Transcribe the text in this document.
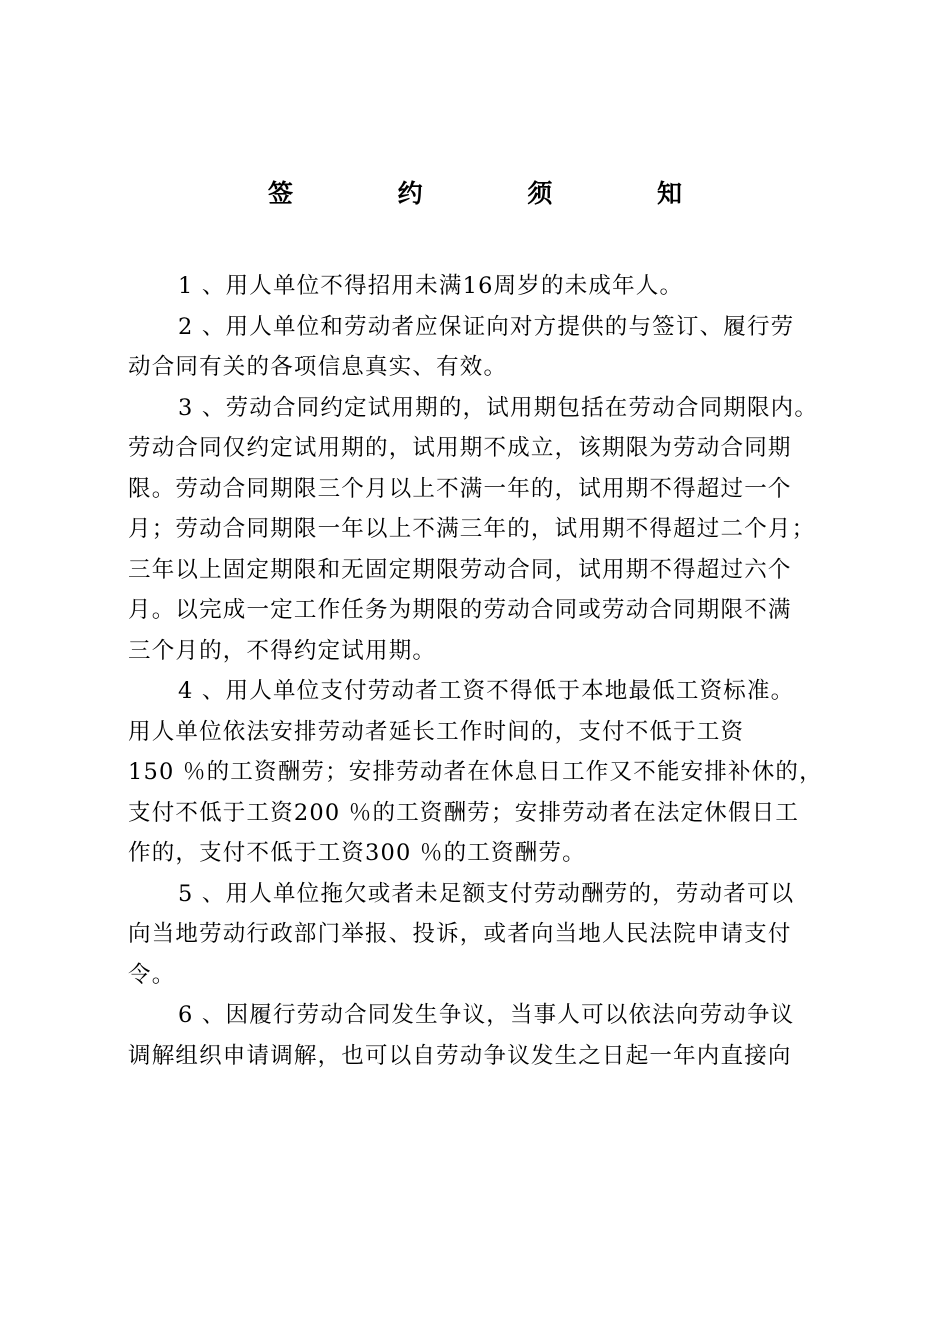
签 约 须 知

1 、用人单位不得招用未满16周岁的未成年人。

2 、用人单位和劳动者应保证向对方提供的与签订、履行劳
动合同有关的各项信息真实、有效。

3 、劳动合同约定试用期的，试用期包括在劳动合同期限内。
劳动合同仅约定试用期的，试用期不成立，该期限为劳动合同期
限。劳动合同期限三个月以上不满一年的，试用期不得超过一个
月；劳动合同期限一年以上不满三年的，试用期不得超过二个月；
三年以上固定期限和无固定期限劳动合同，试用期不得超过六个
月。以完成一定工作任务为期限的劳动合同或劳动合同期限不满
三个月的，不得约定试用期。

4 、用人单位支付劳动者工资不得低于本地最低工资标准。
用人单位依法安排劳动者延长工作时间的，支付不低于工资
150 ％的工资酬劳；安排劳动者在休息日工作又不能安排补休的，
支付不低于工资200 ％的工资酬劳；安排劳动者在法定休假日工
作的，支付不低于工资300 ％的工资酬劳。

5 、用人单位拖欠或者未足额支付劳动酬劳的，劳动者可以
向当地劳动行政部门举报、投诉，或者向当地人民法院申请支付
令。

6 、因履行劳动合同发生争议，当事人可以依法向劳动争议
调解组织申请调解，也可以自劳动争议发生之日起一年内直接向
